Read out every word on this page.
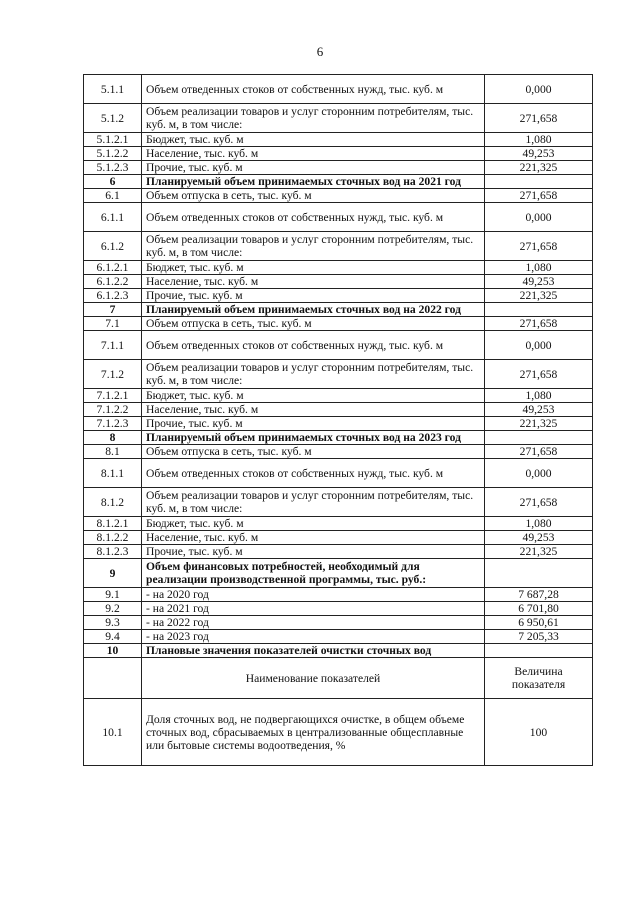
6
5.1.1	Объем отведенных стоков от собственных нужд, тыс. куб. м	0,000
5.1.2	Объем реализации товаров и услуг сторонним потребителям, тыс. куб. м, в том числе:	271,658
5.1.2.1	Бюджет, тыс. куб. м	1,080
5.1.2.2	Население, тыс. куб. м	49,253
5.1.2.3	Прочие, тыс. куб. м	221,325
6	Планируемый объем принимаемых сточных вод на 2021 год	
6.1	Объем отпуска в сеть, тыс. куб. м	271,658
6.1.1	Объем отведенных стоков от собственных нужд, тыс. куб. м	0,000
6.1.2	Объем реализации товаров и услуг сторонним потребителям, тыс. куб. м, в том числе:	271,658
6.1.2.1	Бюджет, тыс. куб. м	1,080
6.1.2.2	Население, тыс. куб. м	49,253
6.1.2.3	Прочие, тыс. куб. м	221,325
7	Планируемый объем принимаемых сточных вод на 2022 год	
7.1	Объем отпуска в сеть, тыс. куб. м	271,658
7.1.1	Объем отведенных стоков от собственных нужд, тыс. куб. м	0,000
7.1.2	Объем реализации товаров и услуг сторонним потребителям, тыс. куб. м, в том числе:	271,658
7.1.2.1	Бюджет, тыс. куб. м	1,080
7.1.2.2	Население, тыс. куб. м	49,253
7.1.2.3	Прочие, тыс. куб. м	221,325
8	Планируемый объем принимаемых сточных вод на 2023 год	
8.1	Объем отпуска в сеть, тыс. куб. м	271,658
8.1.1	Объем отведенных стоков от собственных нужд, тыс. куб. м	0,000
8.1.2	Объем реализации товаров и услуг сторонним потребителям, тыс. куб. м, в том числе:	271,658
8.1.2.1	Бюджет, тыс. куб. м	1,080
8.1.2.2	Население, тыс. куб. м	49,253
8.1.2.3	Прочие, тыс. куб. м	221,325
9	Объем финансовых потребностей, необходимый для реализации производственной программы, тыс. руб.:	
9.1	- на 2020 год	7 687,28
9.2	- на 2021 год	6 701,80
9.3	- на 2022 год	6 950,61
9.4	- на 2023 год	7 205,33
10	Плановые значения показателей очистки сточных вод	
	Наименование показателей	Величина показателя
10.1	Доля сточных вод, не подвергающихся очистке, в общем объеме сточных вод, сбрасываемых в централизованные общесплавные или бытовые системы водоотведения, %	100
